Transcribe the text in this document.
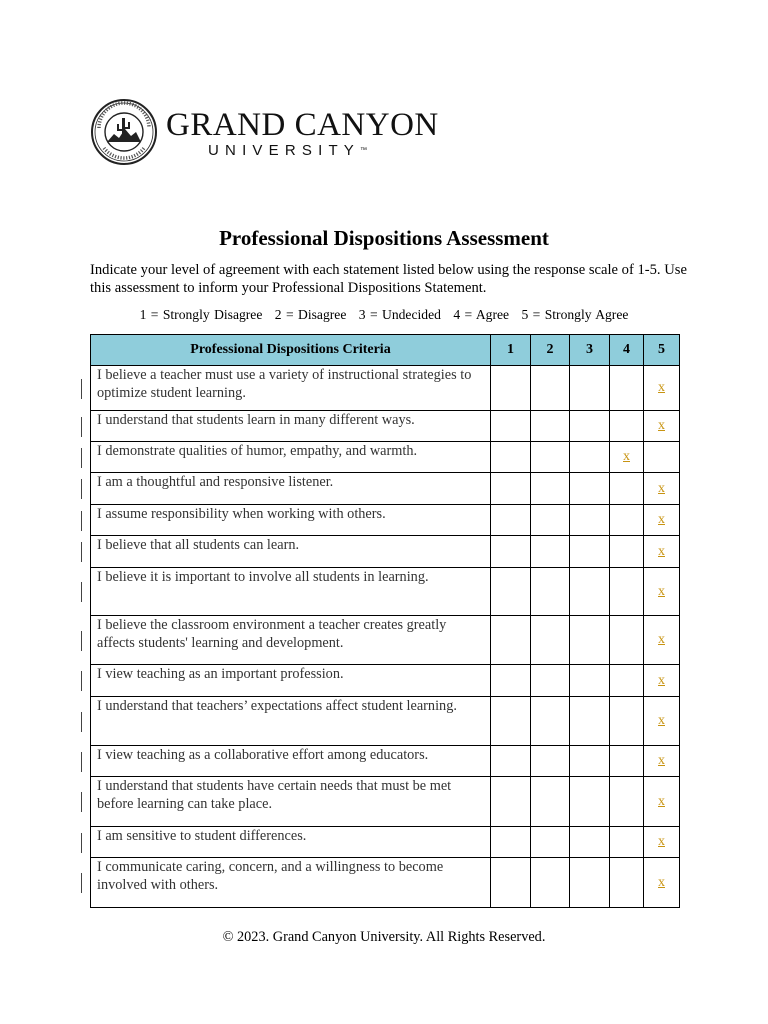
GRAND CANYON
UNIVERSITY™
Professional Dispositions Assessment
Indicate your level of agreement with each statement listed below using the response scale of 1-5. Use this assessment to inform your Professional Dispositions Statement.
1 = Strongly Disagree 2 = Disagree 3 = Undecided 4 = Agree 5 = Strongly Agree
Professional Dispositions Criteria	1	2	3	4	5

I believe a teacher must use a variety of instructional strategies to optimize student learning.					x

I understand that students learn in many different ways.					x

I demonstrate qualities of humor, empathy, and warmth.				x	

I am a thoughtful and responsive listener.					x

I assume responsibility when working with others.					x

I believe that all students can learn.					x

I believe it is important to involve all students in learning.					x

I believe the classroom environment a teacher creates greatly affects students' learning and development.					x

I view teaching as an important profession.					x

I understand that teachers’ expectations affect student learning.					x

I view teaching as a collaborative effort among educators.					x

I understand that students have certain needs that must be met before learning can take place.					x

I am sensitive to student differences.					x

I communicate caring, concern, and a willingness to become involved with others.					x
© 2023. Grand Canyon University. All Rights Reserved.
